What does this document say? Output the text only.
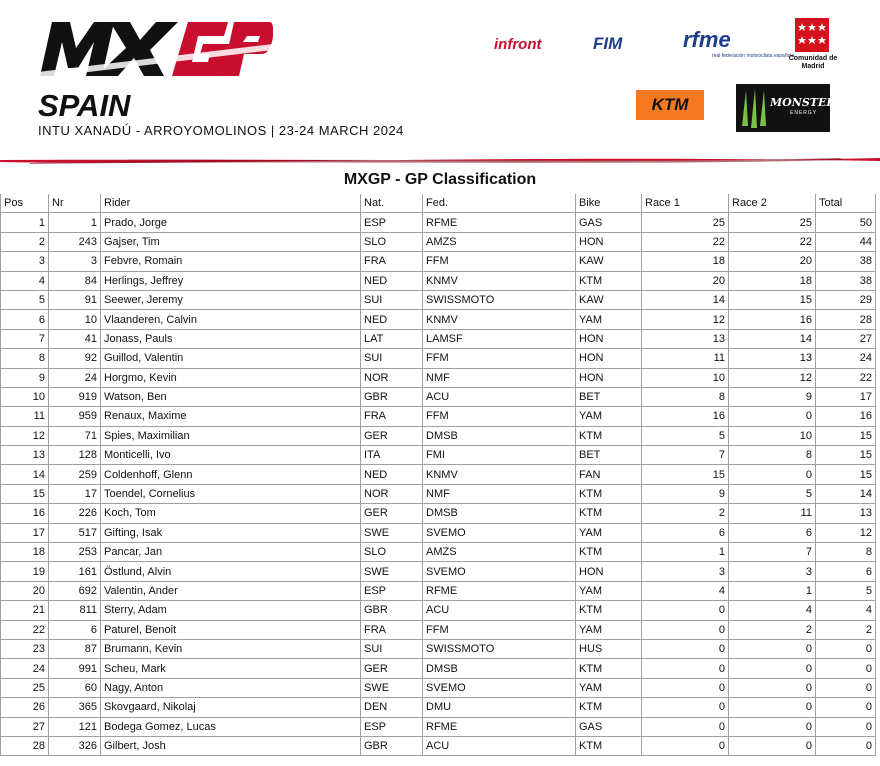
SPAIN
INTU XANADÚ - ARROYOMOLINOS | 23-24 MARCH 2024
infront	FIM	rfme
real federación motociclista española
Comunidad de Madrid
KTM	MONSTER
ENERGY
MXGP - GP Classification
Pos	Nr	Rider	Nat.	Fed.	Bike	Race 1	Race 2	Total
1	1	Prado, Jorge	ESP	RFME	GAS	25	25	50
2	243	Gajser, Tim	SLO	AMZS	HON	22	22	44
3	3	Febvre, Romain	FRA	FFM	KAW	18	20	38
4	84	Herlings, Jeffrey	NED	KNMV	KTM	20	18	38
5	91	Seewer, Jeremy	SUI	SWISSMOTO	KAW	14	15	29
6	10	Vlaanderen, Calvin	NED	KNMV	YAM	12	16	28
7	41	Jonass, Pauls	LAT	LAMSF	HON	13	14	27
8	92	Guillod, Valentin	SUI	FFM	HON	11	13	24
9	24	Horgmo, Kevin	NOR	NMF	HON	10	12	22
10	919	Watson, Ben	GBR	ACU	BET	8	9	17
11	959	Renaux, Maxime	FRA	FFM	YAM	16	0	16
12	71	Spies, Maximilian	GER	DMSB	KTM	5	10	15
13	128	Monticelli, Ivo	ITA	FMI	BET	7	8	15
14	259	Coldenhoff, Glenn	NED	KNMV	FAN	15	0	15
15	17	Toendel, Cornelius	NOR	NMF	KTM	9	5	14
16	226	Koch, Tom	GER	DMSB	KTM	2	11	13
17	517	Gifting, Isak	SWE	SVEMO	YAM	6	6	12
18	253	Pancar, Jan	SLO	AMZS	KTM	1	7	8
19	161	Östlund, Alvin	SWE	SVEMO	HON	3	3	6
20	692	Valentin, Ander	ESP	RFME	YAM	4	1	5
21	811	Sterry, Adam	GBR	ACU	KTM	0	4	4
22	6	Paturel, Benoit	FRA	FFM	YAM	0	2	2
23	87	Brumann, Kevin	SUI	SWISSMOTO	HUS	0	0	0
24	991	Scheu, Mark	GER	DMSB	KTM	0	0	0
25	60	Nagy, Anton	SWE	SVEMO	YAM	0	0	0
26	365	Skovgaard, Nikolaj	DEN	DMU	KTM	0	0	0
27	121	Bodega Gomez, Lucas	ESP	RFME	GAS	0	0	0
28	326	Gilbert, Josh	GBR	ACU	KTM	0	0	0
